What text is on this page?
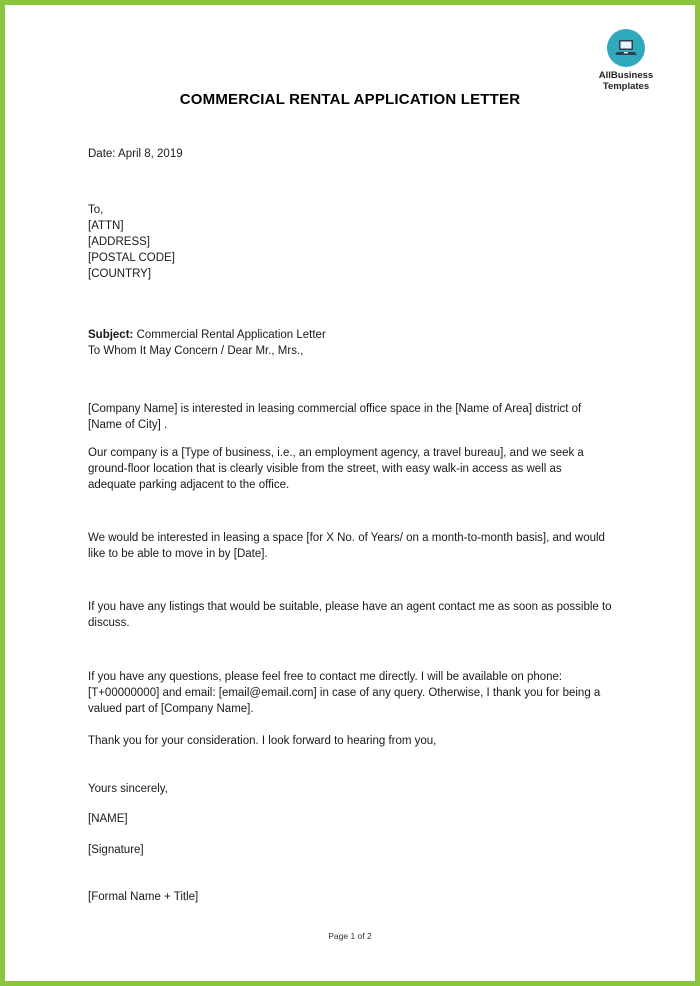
AllBusiness
Templates
COMMERCIAL RENTAL APPLICATION LETTER
Date: April 8, 2019
To,
[ATTN]
[ADDRESS]
[POSTAL CODE]
[COUNTRY]
Subject: Commercial Rental Application Letter
To Whom It May Concern / Dear Mr., Mrs.,

[Company Name] is interested in leasing commercial office space in the [Name of Area] district of [Name of City] .

Our company is a [Type of business, i.e., an employment agency, a travel bureau], and we seek a ground-floor location that is clearly visible from the street, with easy walk-in access as well as adequate parking adjacent to the office.

We would be interested in leasing a space [for X No. of Years/ on a month-to-month basis], and would like to be able to move in by [Date].

If you have any listings that would be suitable, please have an agent contact me as soon as possible to discuss.

If you have any questions, please feel free to contact me directly. I will be available on phone: [T+00000000] and email: [email@email.com] in case of any query. Otherwise, I thank you for being a valued part of [Company Name].

Thank you for your consideration. I look forward to hearing from you,

Yours sincerely,
[NAME]
[Signature]
[Formal Name + Title]
Page 1 of 2
